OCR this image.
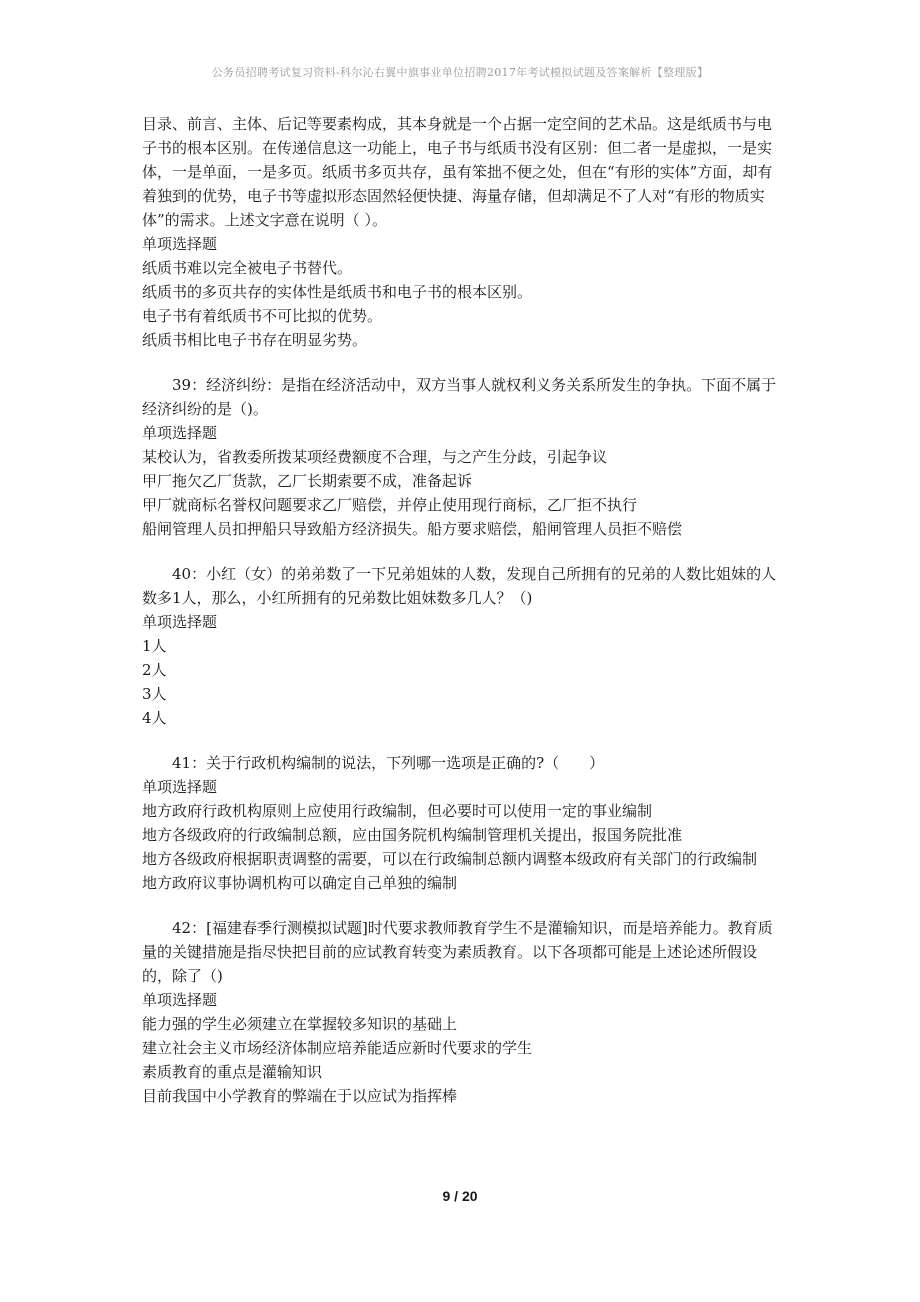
公务员招聘考试复习资料-科尔沁右翼中旗事业单位招聘2017年考试模拟试题及答案解析【整理版】

目录、前言、主体、后记等要素构成，其本身就是一个占据一定空间的艺术品。这是纸质书与电子书的根本区别。在传递信息这一功能上，电子书与纸质书没有区别：但二者一是虚拟，一是实体，一是单面，一是多页。纸质书多页共存，虽有笨拙不便之处，但在“有形的实体”方面，却有着独到的优势，电子书等虚拟形态固然轻便快捷、海量存储，但却满足不了人对“有形的物质实体”的需求。上述文字意在说明（ ）。

单项选择题

纸质书难以完全被电子书替代。

纸质书的多页共存的实体性是纸质书和电子书的根本区别。

电子书有着纸质书不可比拟的优势。

纸质书相比电子书存在明显劣势。

39：经济纠纷：是指在经济活动中，双方当事人就权利义务关系所发生的争执。下面不属于经济纠纷的是（)。

单项选择题

某校认为，省教委所拨某项经费额度不合理，与之产生分歧，引起争议

甲厂拖欠乙厂货款，乙厂长期索要不成，准备起诉

甲厂就商标名誉权问题要求乙厂赔偿，并停止使用现行商标，乙厂拒不执行

船闸管理人员扣押船只导致船方经济损失。船方要求赔偿，船闸管理人员拒不赔偿

40：小红（女）的弟弟数了一下兄弟姐妹的人数，发现自己所拥有的兄弟的人数比姐妹的人数多1人，那么，小红所拥有的兄弟数比姐妹数多几人？（)

单项选择题

1人

2人

3人

4人

41：关于行政机构编制的说法，下列哪一选项是正确的?（　　）

单项选择题

地方政府行政机构原则上应使用行政编制，但必要时可以使用一定的事业编制

地方各级政府的行政编制总额，应由国务院机构编制管理机关提出，报国务院批准

地方各级政府根据职责调整的需要，可以在行政编制总额内调整本级政府有关部门的行政编制

地方政府议事协调机构可以确定自己单独的编制

42：[福建春季行测模拟试题]时代要求教师教育学生不是灌输知识，而是培养能力。教育质量的关键措施是指尽快把目前的应试教育转变为素质教育。以下各项都可能是上述论述所假设的，除了（)

单项选择题

能力强的学生必须建立在掌握较多知识的基础上

建立社会主义市场经济体制应培养能适应新时代要求的学生

素质教育的重点是灌输知识

目前我国中小学教育的弊端在于以应试为指挥棒

9 / 20
